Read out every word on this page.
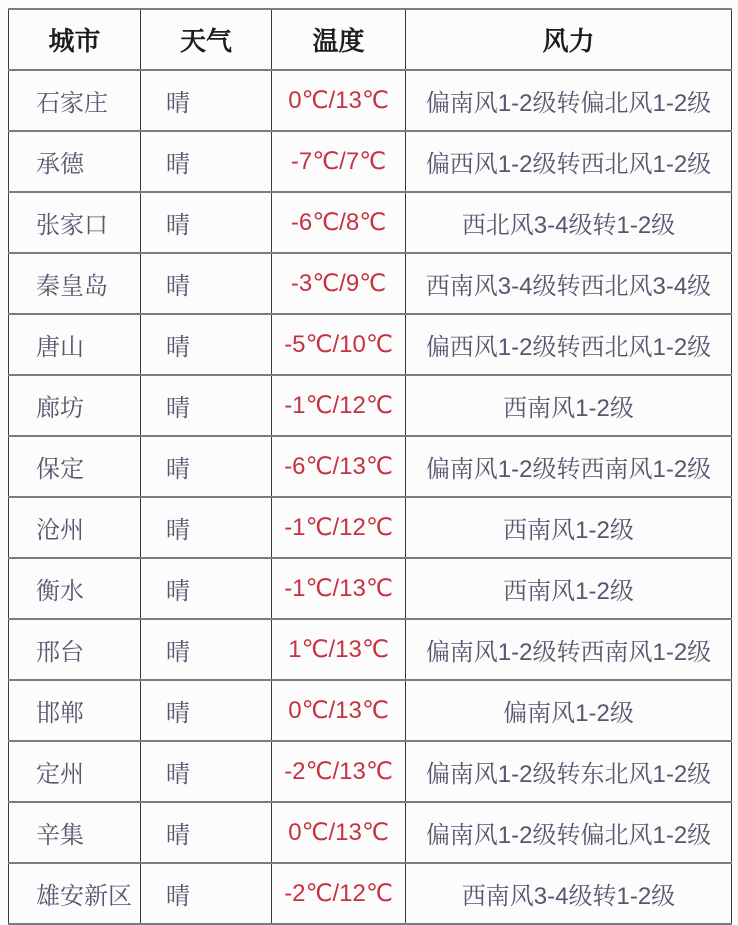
城市	天气	温度	风力
石家庄	晴	0℃/13℃	偏南风1-2级转偏北风1-2级
承德	晴	-7℃/7℃	偏西风1-2级转西北风1-2级
张家口	晴	-6℃/8℃	西北风3-4级转1-2级
秦皇岛	晴	-3℃/9℃	西南风3-4级转西北风3-4级
唐山	晴	-5℃/10℃	偏西风1-2级转西北风1-2级
廊坊	晴	-1℃/12℃	西南风1-2级
保定	晴	-6℃/13℃	偏南风1-2级转西南风1-2级
沧州	晴	-1℃/12℃	西南风1-2级
衡水	晴	-1℃/13℃	西南风1-2级
邢台	晴	1℃/13℃	偏南风1-2级转西南风1-2级
邯郸	晴	0℃/13℃	偏南风1-2级
定州	晴	-2℃/13℃	偏南风1-2级转东北风1-2级
辛集	晴	0℃/13℃	偏南风1-2级转偏北风1-2级
雄安新区	晴	-2℃/12℃	西南风3-4级转1-2级
